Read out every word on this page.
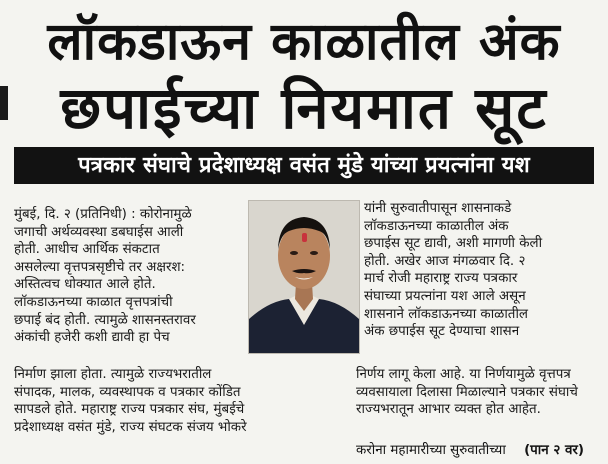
लॉकडाऊन काळातील अंक
छपाईच्या नियमात सूट
पत्रकार संघाचे प्रदेशाध्यक्ष वसंत मुंडे यांच्या प्रयत्नांना यश
मुंबई, दि. २ (प्रतिनिधी) : कोरोनामुळे
जगाची अर्थव्यवस्था डबघाईस आली
होती. आधीच आर्थिक संकटात
असलेल्या वृत्तपत्रसृष्टीचे तर अक्षरश:
अस्तित्वच धोक्यात आले होते.
लॉकडाऊनच्या काळात वृत्तपत्रांची
छपाई बंद होती. त्यामुळे शासनस्तरावर
अंकांची हजेरी कशी द्यावी हा पेच
यांनी सुरुवातीपासून शासनाकडे
लॉकडाऊनच्या काळातील अंक
छपाईस सूट द्यावी, अशी मागणी केली
होती. अखेर आज मंगळवार दि. २
मार्च रोजी महाराष्ट्र राज्य पत्रकार
संघाच्या प्रयत्नांना यश आले असून
शासनाने लॉकडाऊनच्या काळातील
अंक छपाईस सूट देण्याचा शासन
निर्माण झाला होता. त्यामुळे राज्यभरातील
संपादक, मालक, व्यवस्थापक व पत्रकार कोंडित
सापडले होते. महाराष्ट्र राज्य पत्रकार संघ, मुंबईचे
प्रदेशाध्यक्ष वसंत मुंडे, राज्य संघटक संजय भोकरे
निर्णय लागू केला आहे. या निर्णयामुळे वृत्तपत्र
व्यवसायाला दिलासा मिळाल्याने पत्रकार संघाचे
राज्यभरातून आभार व्यक्त होत आहेत.
करोना महामारीच्या सुरुवातीच्या (पान २ वर)
